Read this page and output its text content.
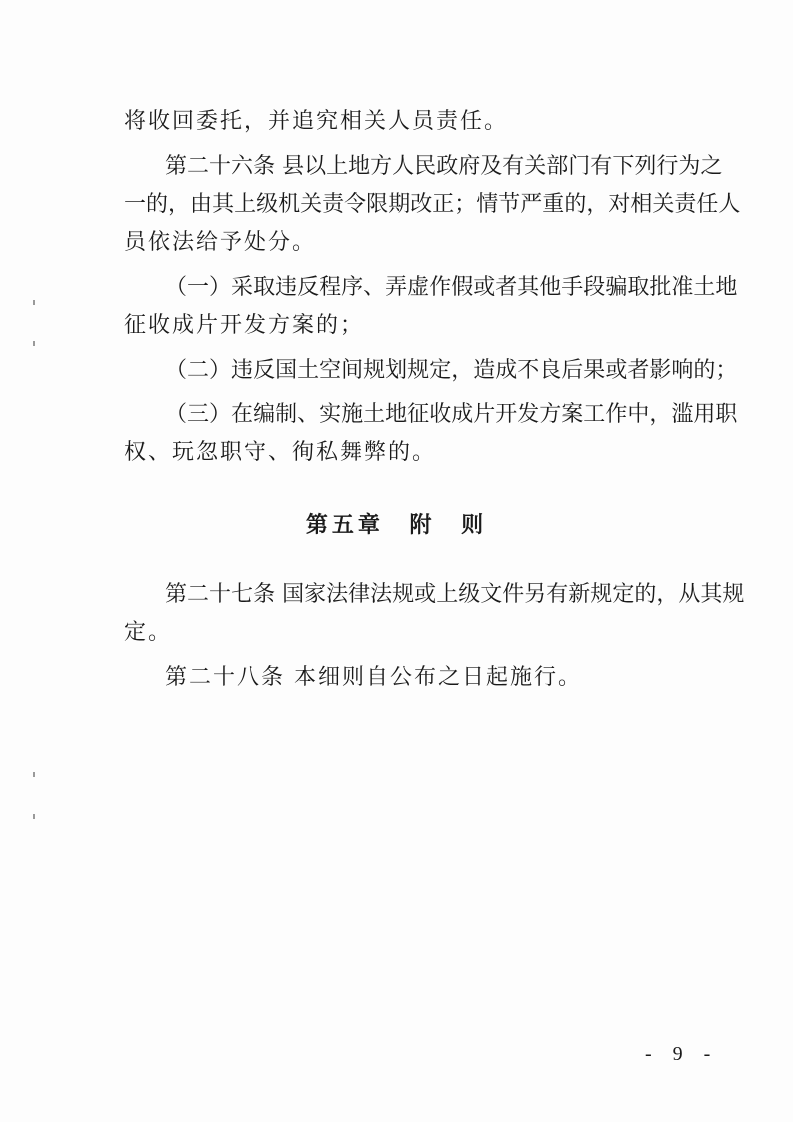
将收回委托，并追究相关人员责任。
第 二 十 六 条
县 以 上 地 方 人 民 政 府 及 有 关 部 门 有 下 列 行 为 之
一 的 ， 由 其 上 级 机 关 责 令 限 期 改 正 ； 情 节 严 重 的 ， 对 相 关 责 任 人
员依法给予处分。
（ 一 ） 采 取 违 反 程 序 、 弄 虚 作 假 或 者 其 他 手 段 骗 取 批 准 土 地
征收成片开发方案的；
（ 二 ） 违 反 国 土 空 间 规 划 规 定 ， 造 成 不 良 后 果 或 者 影 响 的 ；
（ 三 ） 在 编 制 、 实 施 土 地 征 收 成 片 开 发 方 案 工 作 中 ， 滥 用 职
权、玩忽职守、徇私舞弊的。
第五章 附 则
第 二 十 七 条
国 家 法 律 法 规 或 上 级 文 件 另 有 新 规 定 的 ， 从 其 规
定。
第二十八条 本细则自公布之日起施行。
- 9 -
